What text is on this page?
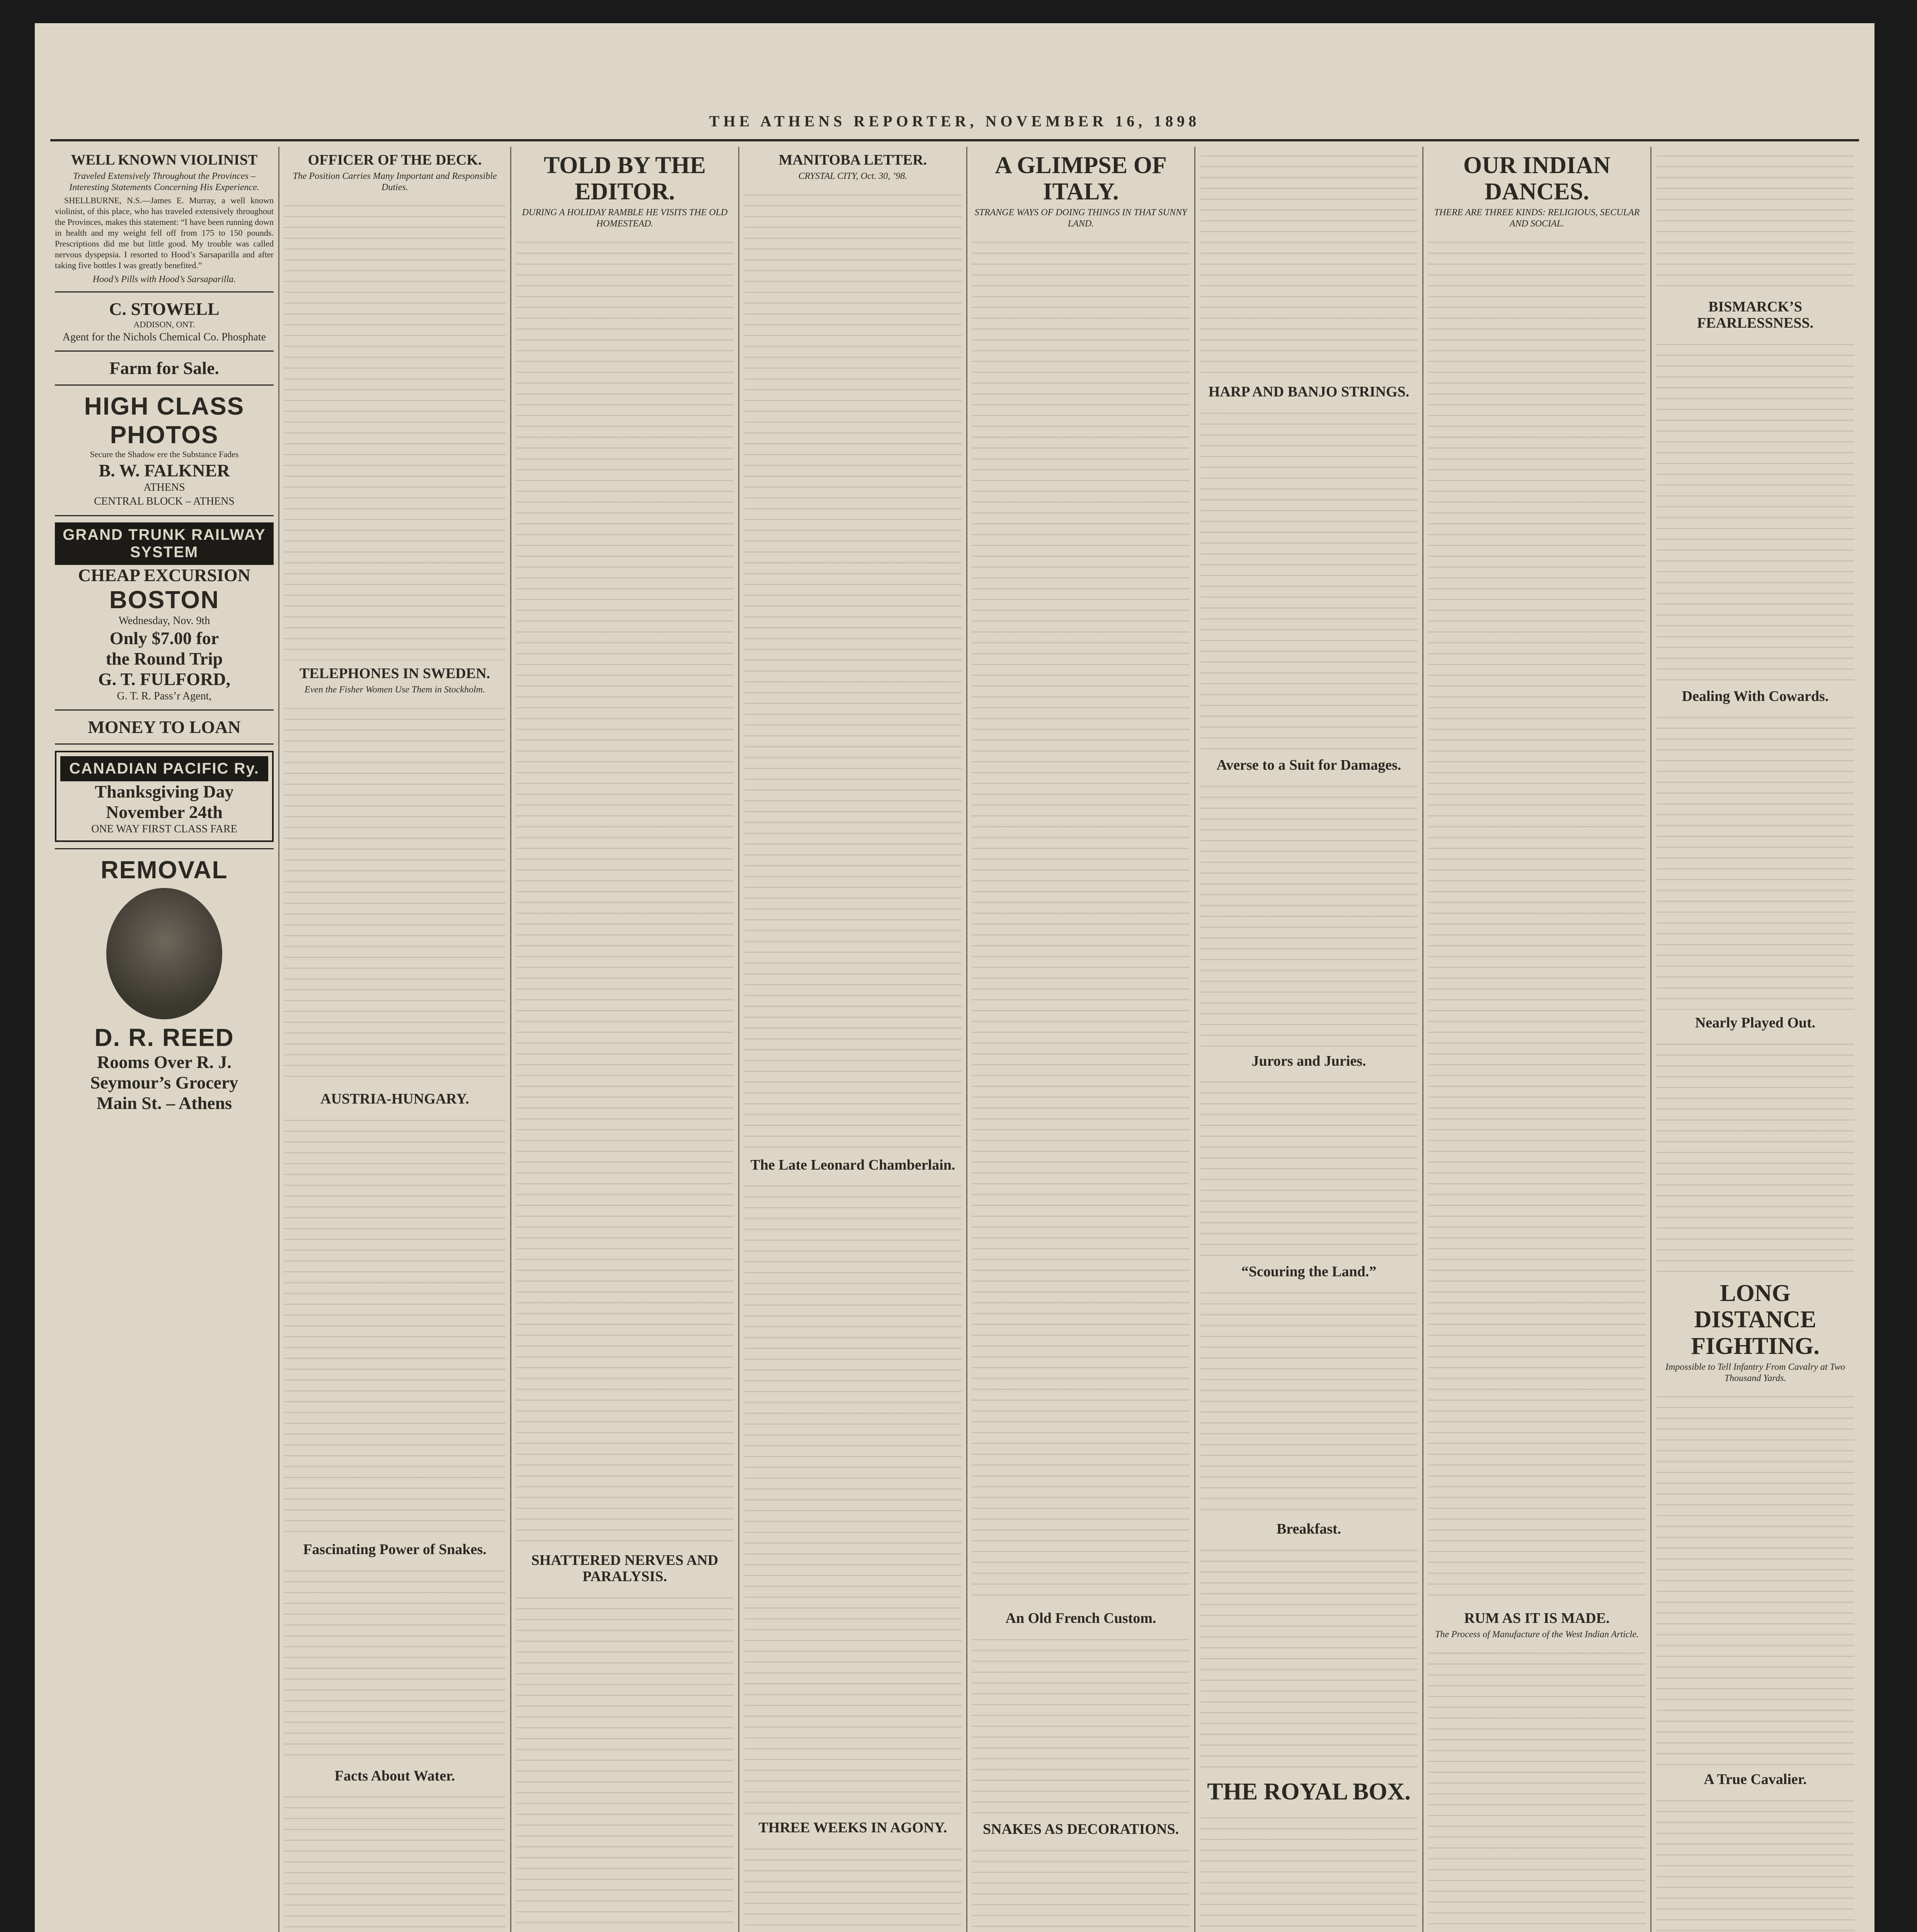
THE ATHENS REPORTER, NOVEMBER 16, 1898
WELL KNOWN VIOLINIST
Traveled Extensively Throughout the Provinces – Interesting Statements Concerning His Experience.
SHELLBURNE, N.S.—James E. Murray, a well known violinist, of this place, who has traveled extensively throughout the Provinces, makes this statement: “I have been running down in health and my weight fell off from 175 to 150 pounds. Prescriptions did me but little good. My trouble was called nervous dyspepsia. I resorted to Hood’s Sarsaparilla and after taking five bottles I was greatly benefited.”
Hood’s Pills with Hood’s Sarsaparilla.
C. STOWELL
ADDISON, ONT.
Agent for the Nichols Chemical Co. Phosphate
Farm for Sale.
HIGH CLASS PHOTOS
Secure the Shadow ere the Substance Fades
B. W. FALKNER
ATHENS
CENTRAL BLOCK – ATHENS
GRAND TRUNK RAILWAY SYSTEM
CHEAP EXCURSION
BOSTON
Wednesday, Nov. 9th
Only $7.00 for
the Round Trip
G. T. FULFORD,
G. T. R. Pass’r Agent,
MONEY TO LOAN
CANADIAN PACIFIC Ry.
Thanksgiving Day
November 24th
ONE WAY FIRST CLASS FARE
REMOVAL
D. R. REED
Rooms Over R. J. Seymour’s Grocery
Main St. – Athens
OFFICER OF THE DECK.
The Position Carries Many Important and Responsible Duties.
TELEPHONES IN SWEDEN.
Even the Fisher Women Use Them in Stockholm.
AUSTRIA-HUNGARY.
Fascinating Power of Snakes.
Facts About Water.
TOLD BY THE EDITOR.
DURING A HOLIDAY RAMBLE HE VISITS THE OLD HOMESTEAD.
SHATTERED NERVES AND PARALYSIS.
MANITOBA LETTER.
CRYSTAL CITY, Oct. 30, ’98.
The Late Leonard Chamberlain.
THREE WEEKS IN AGONY.
A GLIMPSE OF ITALY.
STRANGE WAYS OF DOING THINGS IN THAT SUNNY LAND.
An Old French Custom.
SNAKES AS DECORATIONS.
HARP AND BANJO STRINGS.
Averse to a Suit for Damages.
Jurors and Juries.
“Scouring the Land.”
Breakfast.
THE ROYAL BOX.
OUR INDIAN DANCES.
THERE ARE THREE KINDS: RELIGIOUS, SECULAR AND SOCIAL.
RUM AS IT IS MADE.
The Process of Manufacture of the West Indian Article.
BISMARCK’S FEARLESSNESS.
Dealing With Cowards.
Nearly Played Out.
LONG DISTANCE FIGHTING.
Impossible to Tell Infantry From Cavalry at Two Thousand Yards.
A True Cavalier.
